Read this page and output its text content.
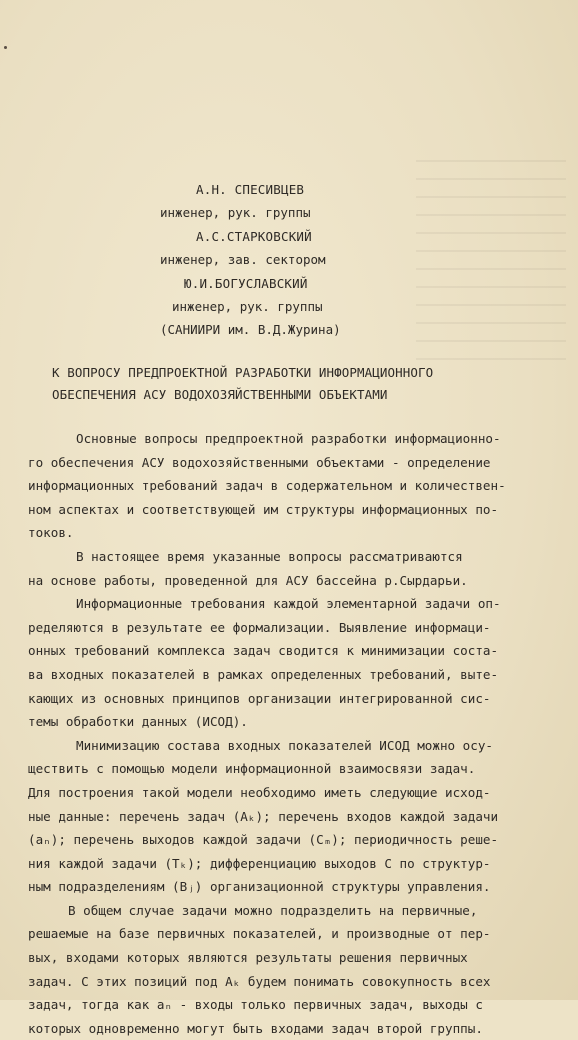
А.Н. СПЕСИВЦЕВ
инженер, рук. группы
А.С.СТАРКОВСКИЙ
инженер, зав. сектором
Ю.И.БОГУСЛАВСКИЙ
инженер, рук. группы
(САНИИРИ им. В.Д.Журина)
К ВОПРОСУ ПРЕДПРОЕКТНОЙ РАЗРАБОТКИ ИНФОРМАЦИОННОГО
ОБЕСПЕЧЕНИЯ АСУ ВОДОХОЗЯЙСТВЕННЫМИ ОБЪЕКТАМИ
Основные вопросы предпроектной разработки информационно-
го обеспечения АСУ водохозяйственными объектами - определение
информационных требований задач в содержательном и количествен-
ном аспектах и соответствующей им структуры информационных по-
токов.
В настоящее время указанные вопросы рассматриваются
на основе работы, проведенной для АСУ бассейна р.Сырдарьи.
Информационные требования каждой элементарной задачи оп-
ределяются в результате ее формализации. Выявление информаци-
онных требований комплекса задач сводится к минимизации соста-
ва входных показателей в рамках определенных требований, выте-
кающих из основных принципов организации интегрированной сис-
темы обработки данных (ИСОД).
Минимизацию состава входных показателей ИСОД можно осу-
ществить с помощью модели информационной взаимосвязи задач.
Для построения такой модели необходимо иметь следующие исход-
ные данные: перечень задач (Aₖ); перечень входов каждой задачи
(aₙ); перечень выходов каждой задачи (Cₘ); периодичность реше-
ния каждой задачи (Tₖ); дифференциацию выходов C по структур-
ным подразделениям (Bⱼ) организационной структуры управления.
В общем случае задачи можно подразделить на первичные,
решаемые на базе первичных показателей, и производные от пер-
вых, входами которых являются результаты решения первичных
задач. С этих позиций под Aₖ будем понимать совокупность всех
задач, тогда как aₙ - входы только первичных задач, выходы с
которых одновременно могут быть входами задач второй группы.
